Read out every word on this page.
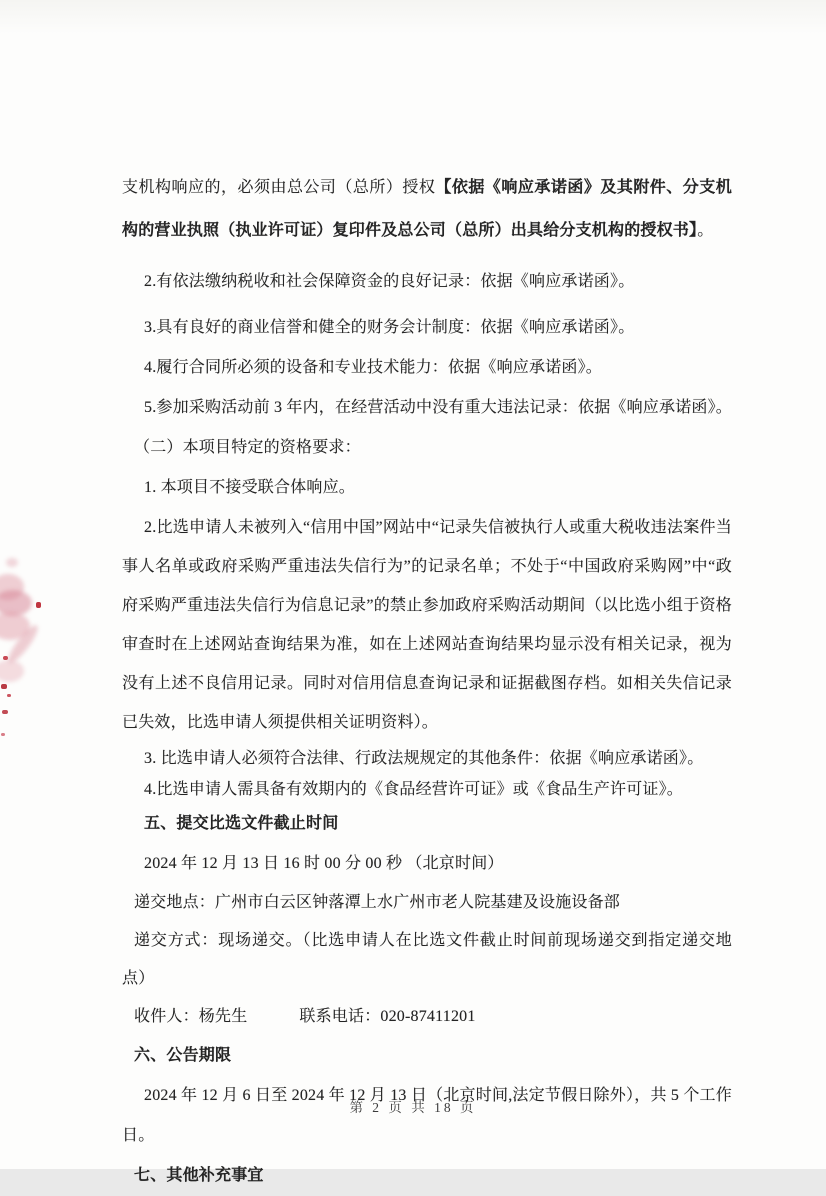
支机构响应的，必须由总公司（总所）授权【依据《响应承诺函》及其附件、分支机构的营业执照（执业许可证）复印件及总公司（总所）出具给分支机构的授权书】。

2.有依法缴纳税收和社会保障资金的良好记录：依据《响应承诺函》。

3.具有良好的商业信誉和健全的财务会计制度：依据《响应承诺函》。

4.履行合同所必须的设备和专业技术能力：依据《响应承诺函》。

5.参加采购活动前 3 年内，在经营活动中没有重大违法记录：依据《响应承诺函》。

（二）本项目特定的资格要求：

1. 本项目不接受联合体响应。

2.比选申请人未被列入“信用中国”网站中“记录失信被执行人或重大税收违法案件当事人名单或政府采购严重违法失信行为”的记录名单；不处于“中国政府采购网”中“政府采购严重违法失信行为信息记录”的禁止参加政府采购活动期间（以比选小组于资格审查时在上述网站查询结果为准，如在上述网站查询结果均显示没有相关记录，视为没有上述不良信用记录。同时对信用信息查询记录和证据截图存档。如相关失信记录已失效，比选申请人须提供相关证明资料）。

3. 比选申请人必须符合法律、行政法规规定的其他条件：依据《响应承诺函》。

4.比选申请人需具备有效期内的《食品经营许可证》或《食品生产许可证》。

五、提交比选文件截止时间

2024 年 12 月 13 日 16 时 00 分 00 秒 （北京时间）

递交地点：广州市白云区钟落潭上水广州市老人院基建及设施设备部

递交方式：现场递交。（比选申请人在比选文件截止时间前现场递交到指定递交地点）

收件人：杨先生	联系电话：020-87411201

六、公告期限

2024 年 12 月 6 日至 2024 年 12 月 13 日（北京时间,法定节假日除外），共 5 个工作日。

七、其他补充事宜

第 2 页 共 18 页
